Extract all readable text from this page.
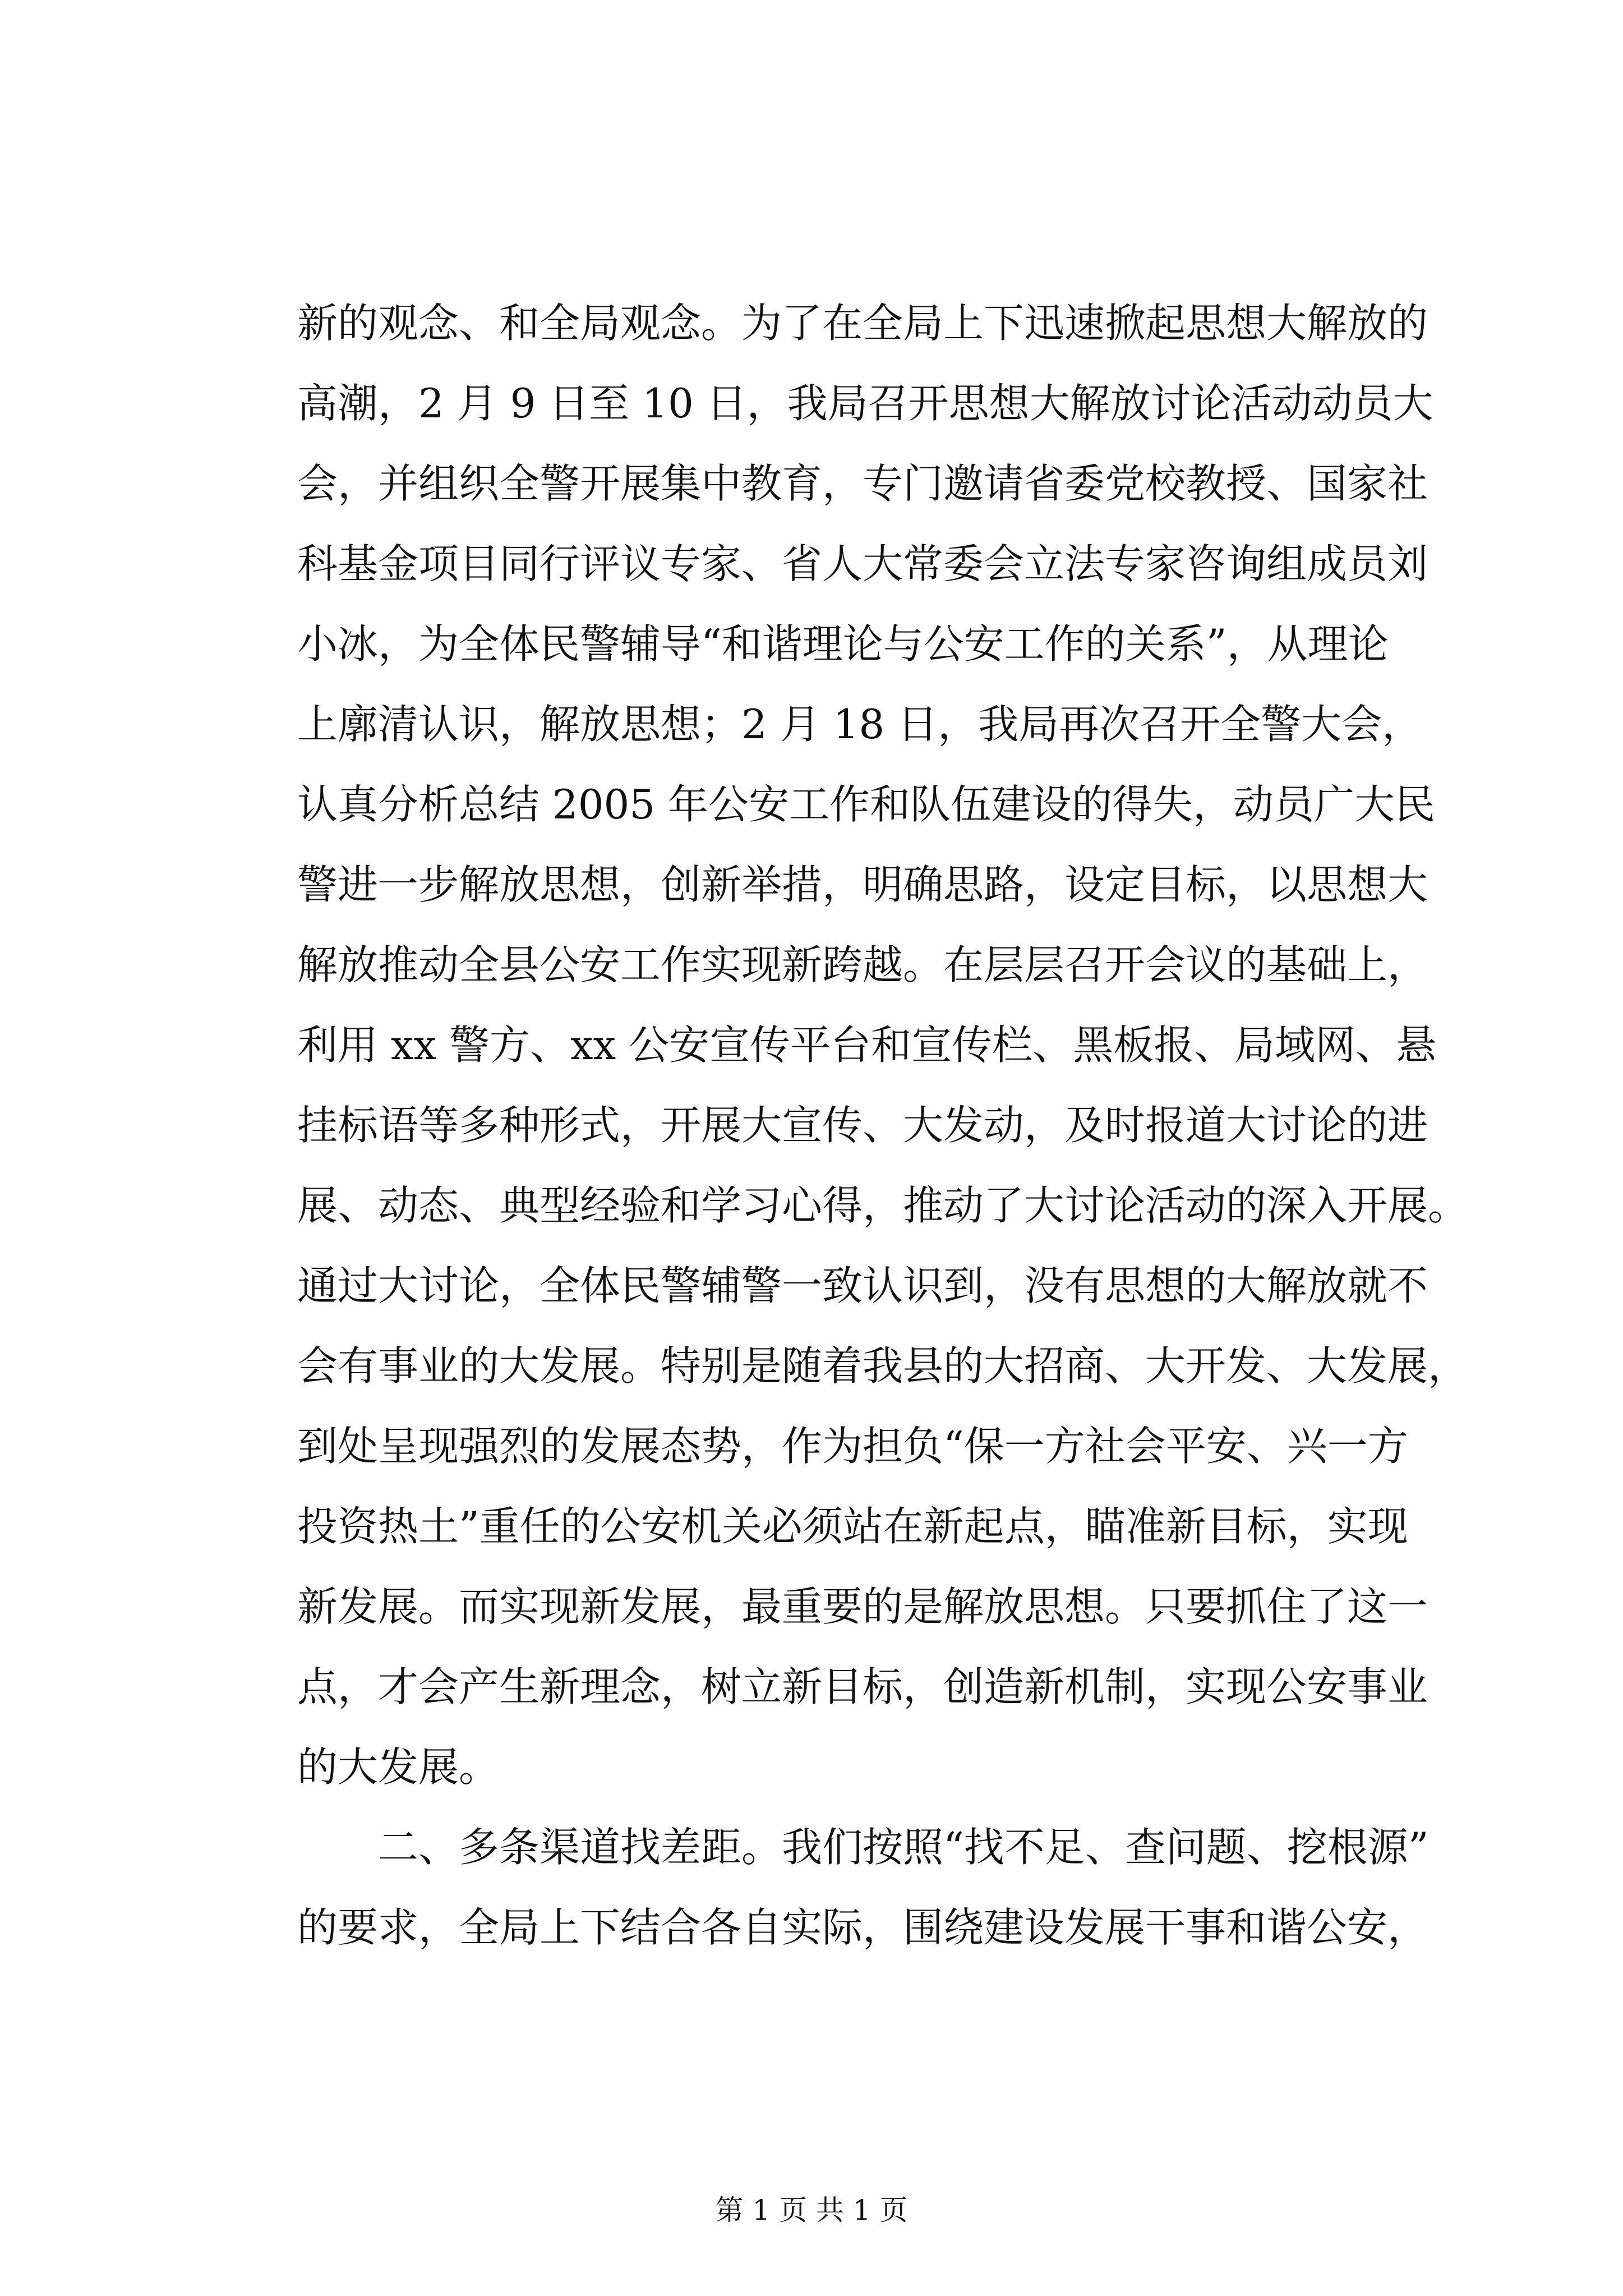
新的观念、和全局观念。为了在全局上下迅速掀起思想大解放的
高潮，2 月 9 日至 10 日，我局召开思想大解放讨论活动动员大
会，并组织全警开展集中教育，专门邀请省委党校教授、国家社
科基金项目同行评议专家、省人大常委会立法专家咨询组成员刘
小冰，为全体民警辅导“和谐理论与公安工作的关系”，从理论
上廓清认识，解放思想；2 月 18 日，我局再次召开全警大会，
认真分析总结 2005 年公安工作和队伍建设的得失，动员广大民
警进一步解放思想，创新举措，明确思路，设定目标，以思想大
解放推动全县公安工作实现新跨越。在层层召开会议的基础上，
利用 xx 警方、xx 公安宣传平台和宣传栏、黑板报、局域网、悬
挂标语等多种形式，开展大宣传、大发动，及时报道大讨论的进
展、动态、典型经验和学习心得，推动了大讨论活动的深入开展。
通过大讨论，全体民警辅警一致认识到，没有思想的大解放就不
会有事业的大发展。特别是随着我县的大招商、大开发、大发展，
到处呈现强烈的发展态势，作为担负“保一方社会平安、兴一方
投资热土”重任的公安机关必须站在新起点，瞄准新目标，实现
新发展。而实现新发展，最重要的是解放思想。只要抓住了这一
点，才会产生新理念，树立新目标，创造新机制，实现公安事业
的大发展。
二、多条渠道找差距。我们按照“找不足、查问题、挖根源”
的要求，全局上下结合各自实际，围绕建设发展干事和谐公安，
第 1 页 共 1 页
